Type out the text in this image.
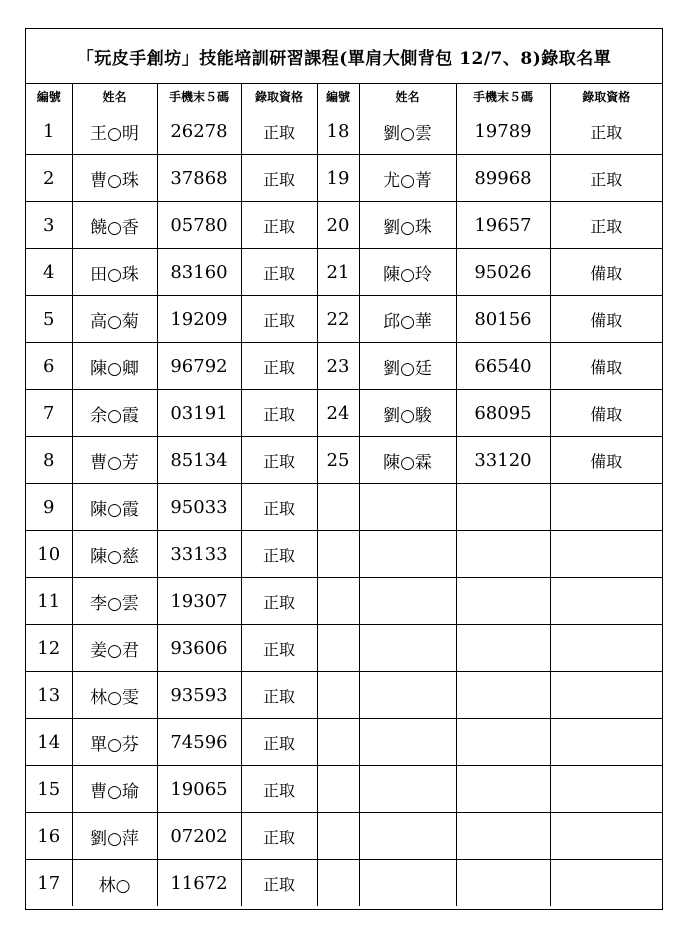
「玩皮手創坊」技能培訓研習課程(單肩大側背包 12/7、8)錄取名單
編號	姓名	手機末５碼	錄取資格	編號	姓名	手機末５碼	錄取資格
1	王○明	26278	正取	18	劉○雲	19789	正取
2	曹○珠	37868	正取	19	尤○菁	89968	正取
3	饒○香	05780	正取	20	劉○珠	19657	正取
4	田○珠	83160	正取	21	陳○玲	95026	備取
5	高○菊	19209	正取	22	邱○華	80156	備取
6	陳○卿	96792	正取	23	劉○廷	66540	備取
7	余○霞	03191	正取	24	劉○駿	68095	備取
8	曹○芳	85134	正取	25	陳○霖	33120	備取
9	陳○霞	95033	正取				
10	陳○慈	33133	正取				
11	李○雲	19307	正取				
12	姜○君	93606	正取				
13	林○雯	93593	正取				
14	單○芬	74596	正取				
15	曹○瑜	19065	正取				
16	劉○萍	07202	正取				
17	林○	11672	正取				
